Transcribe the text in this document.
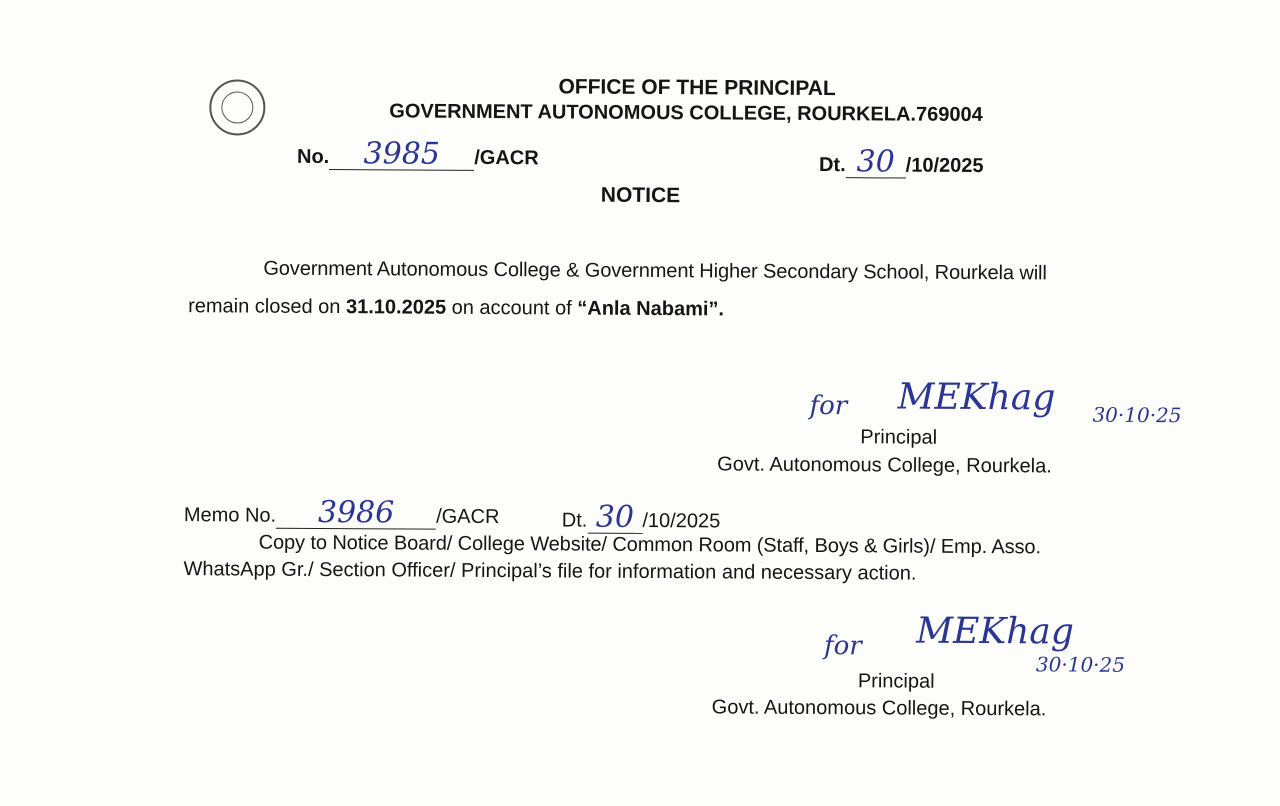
OFFICE OF THE PRINCIPAL
GOVERNMENT AUTONOMOUS COLLEGE, ROURKELA.769004
No. 3985 /GACR	Dt. 30 /10/2025
NOTICE
Government Autonomous College & Government Higher Secondary School, Rourkela will
remain closed on 31.10.2025 on account of “Anla Nabami”.
for MEKhag 30·10·25
Principal
Govt. Autonomous College, Rourkela.
Memo No. 3986 /GACR	Dt. 30 /10/2025
Copy to Notice Board/ College Website/ Common Room (Staff, Boys & Girls)/ Emp. Asso.
WhatsApp Gr./ Section Officer/ Principal’s file for information and necessary action.
for MEKhag
30·10·25
Principal
Govt. Autonomous College, Rourkela.
